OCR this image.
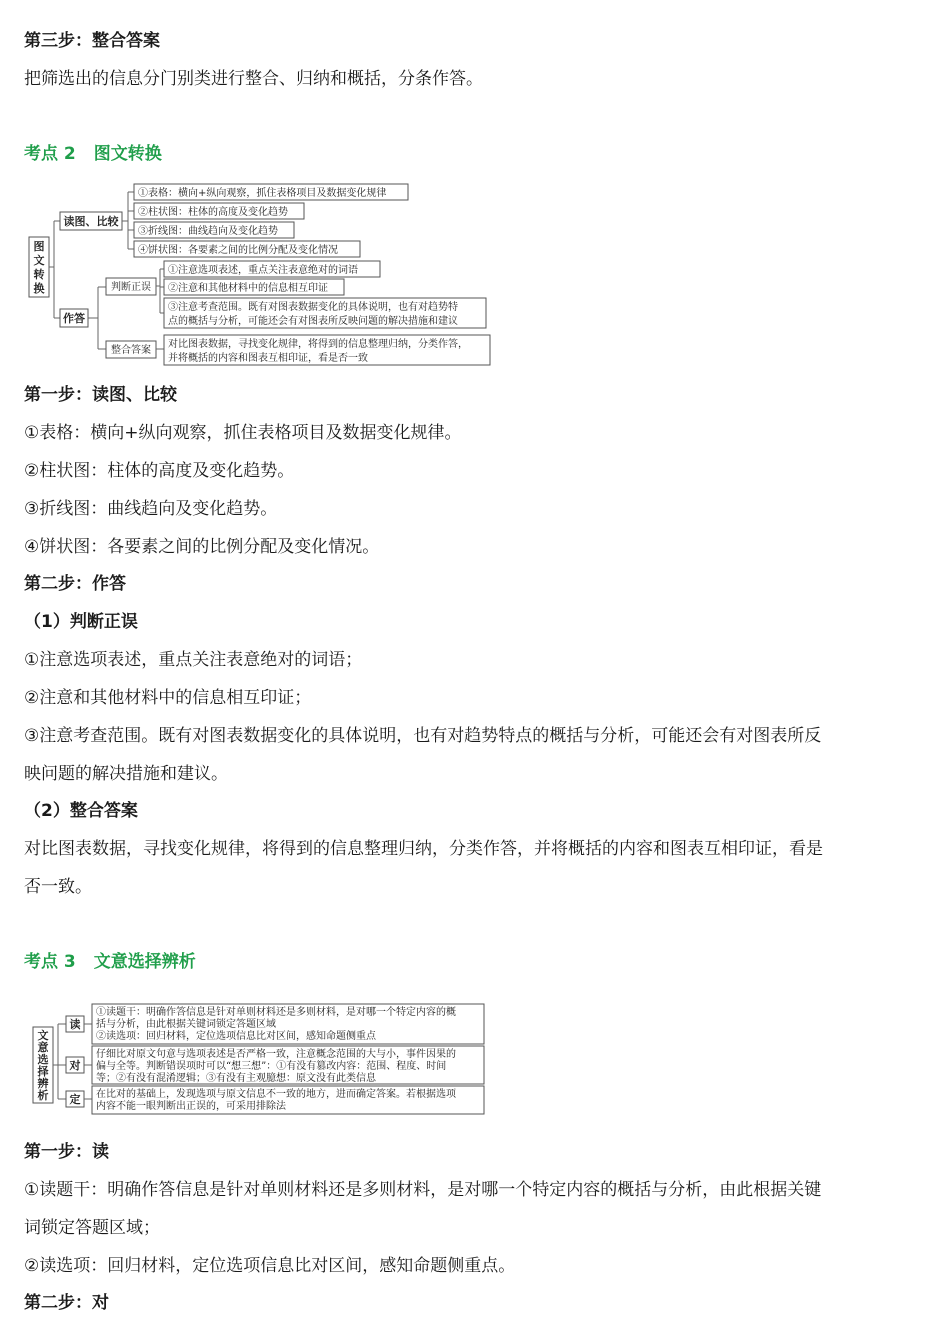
第三步：整合答案
把筛选出的信息分门别类进行整合、归纳和概括，分条作答。
考点 2 图文转换
图
文
转
换
读图、比较
①表格：横向+纵向观察，抓住表格项目及数据变化规律
②柱状图：柱体的高度及变化趋势
③折线图：曲线趋向及变化趋势
④饼状图：各要素之间的比例分配及变化情况
作答
判断正误
①注意选项表述，重点关注表意绝对的词语
②注意和其他材料中的信息相互印证
③注意考查范围。既有对图表数据变化的具体说明，也有对趋势特
点的概括与分析，可能还会有对图表所反映问题的解决措施和建议
整合答案
对比图表数据，寻找变化规律，将得到的信息整理归纳，分类作答，
并将概括的内容和图表互相印证，看是否一致
第一步：读图、比较
①表格：横向+纵向观察，抓住表格项目及数据变化规律。
②柱状图：柱体的高度及变化趋势。
③折线图：曲线趋向及变化趋势。
④饼状图：各要素之间的比例分配及变化情况。
第二步：作答
（1）判断正误
①注意选项表述，重点关注表意绝对的词语；
②注意和其他材料中的信息相互印证；
③注意考查范围。既有对图表数据变化的具体说明，也有对趋势特点的概括与分析，可能还会有对图表所反
映问题的解决措施和建议。
（2）整合答案
对比图表数据，寻找变化规律，将得到的信息整理归纳，分类作答，并将概括的内容和图表互相印证，看是
否一致。
考点 3 文意选择辨析
文
意
选
择
辨
析
读
①读题干：明确作答信息是针对单则材料还是多则材料，是对哪一个特定内容的概
括与分析，由此根据关键词锁定答题区域
②读选项：回归材料，定位选项信息比对区间，感知命题侧重点
对
仔细比对原文句意与选项表述是否严格一致，注意概念范围的大与小，事件因果的
偏与全等。判断错误项时可以“想三想”：①有没有篡改内容：范围、程度、时间
等；②有没有混淆逻辑；③有没有主观臆想：原文没有此类信息
定 在比对的基础上，发现选项与原文信息不一致的地方，进而确定答案。若根据选项
内容不能一眼判断出正误的，可采用排除法
第一步：读
①读题干：明确作答信息是针对单则材料还是多则材料，是对哪一个特定内容的概括与分析，由此根据关键
词锁定答题区域；
②读选项：回归材料，定位选项信息比对区间，感知命题侧重点。
第二步：对
